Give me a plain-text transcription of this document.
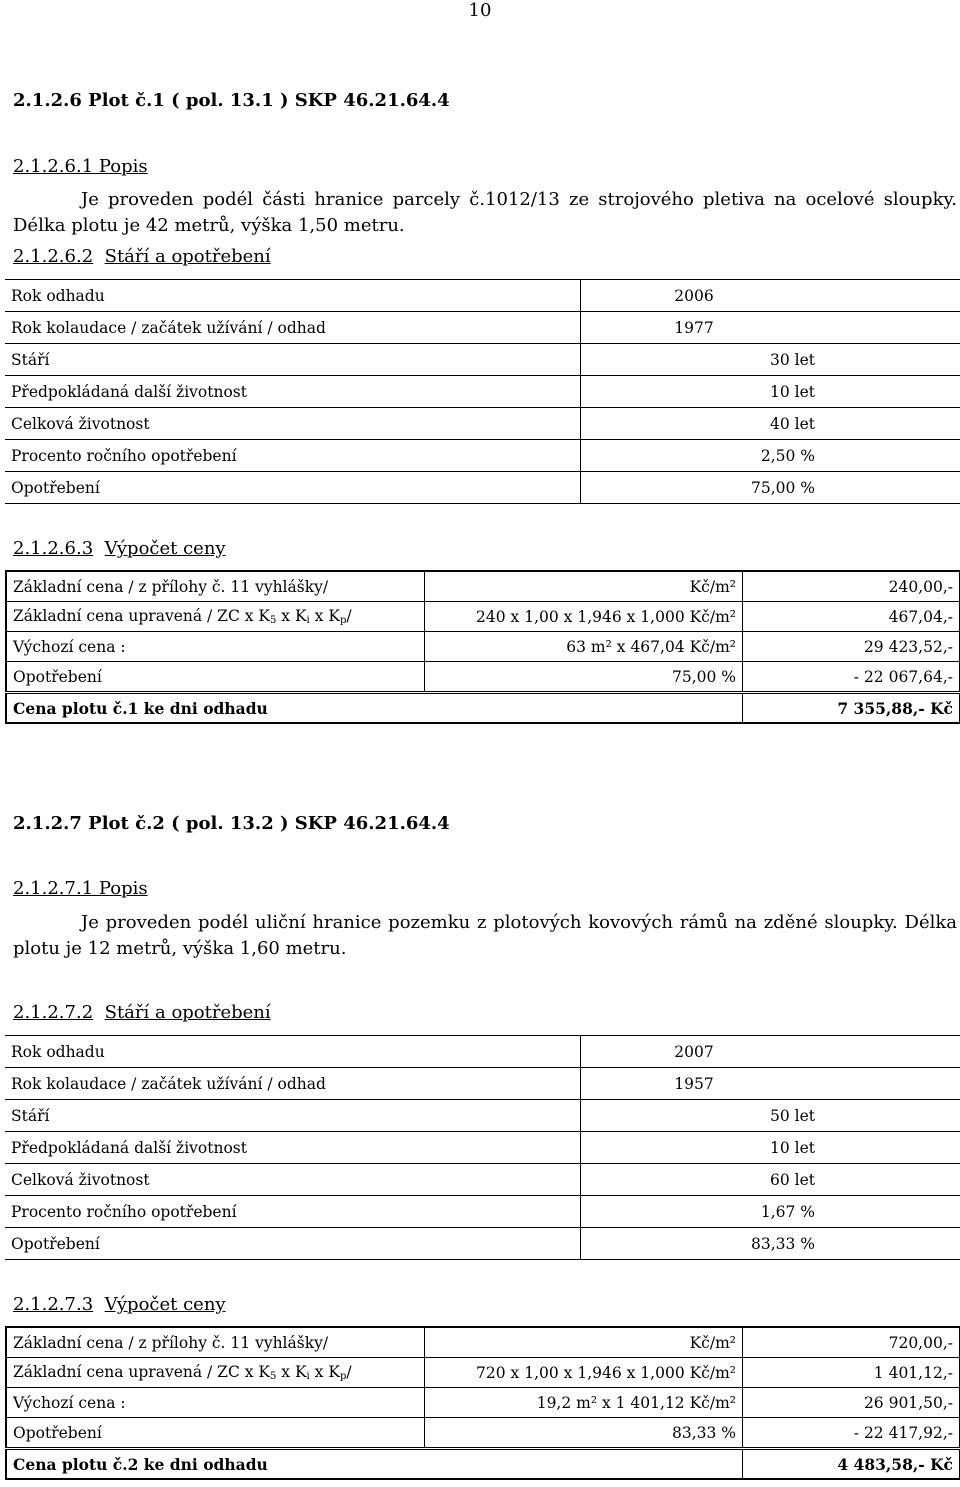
10
2.1.2.6 Plot č.1 ( pol. 13.1 ) SKP 46.21.64.4
2.1.2.6.1 Popis
Je proveden podél části hranice parcely č.1012/13 ze strojového pletiva na ocelové sloupky. Délka plotu je 42 metrů, výška 1,50 metru.
2.1.2.6.2 Stáří a opotřebení
Rok odhadu	2006
Rok kolaudace / začátek užívání / odhad	1977
Stáří	30 let
Předpokládaná další životnost	10 let
Celková životnost	40 let
Procento ročního opotřebení	2,50 %
Opotřebení	75,00 %
2.1.2.6.3 Výpočet ceny
Základní cena / z přílohy č. 11 vyhlášky/	Kč/m²	240,00,-
Základní cena upravená / ZC x $K_5$ x $K_i$ x $K_p/$	240 x 1,00 x 1,946 x 1,000 Kč/m²	467,04,-
Výchozí cena :	63 m² x 467,04 Kč/m²	29 423,52,-
Opotřebení	75,00 %	- 22 067,64,-
Cena plotu č.1 ke dni odhadu		7 355,88,- Kč
2.1.2.7 Plot č.2 ( pol. 13.2 ) SKP 46.21.64.4
2.1.2.7.1 Popis
Je proveden podél uliční hranice pozemku z plotových kovových rámů na zděné sloupky. Délka plotu je 12 metrů, výška 1,60 metru.
2.1.2.7.2 Stáří a opotřebení
Rok odhadu	2007
Rok kolaudace / začátek užívání / odhad	1957
Stáří	50 let
Předpokládaná další životnost	10 let
Celková životnost	60 let
Procento ročního opotřebení	1,67 %
Opotřebení	83,33 %
2.1.2.7.3 Výpočet ceny
Základní cena / z přílohy č. 11 vyhlášky/	Kč/m²	720,00,-
Základní cena upravená / ZC x $K_5$ x $K_i$ x $K_p/$	720 x 1,00 x 1,946 x 1,000 Kč/m²	1 401,12,-
Výchozí cena :	19,2 m² x 1 401,12 Kč/m²	26 901,50,-
Opotřebení	83,33 %	- 22 417,92,-
Cena plotu č.2 ke dni odhadu		4 483,58,- Kč
